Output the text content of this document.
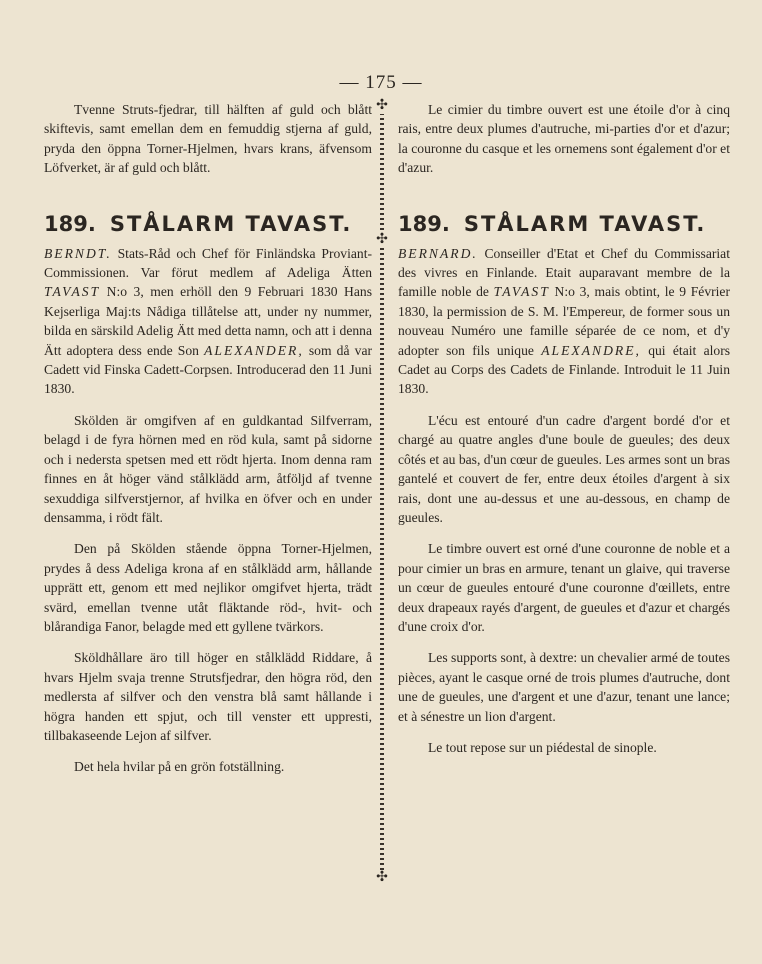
— 175 —
✣
✣
✣

Tvenne Struts-fjedrar, till hälften af guld och blått skiftevis, samt emellan dem en femuddig stjerna af guld, pryda den öppna Torner-Hjelmen, hvars krans, äfvensom Löfverket, är af guld och blått.

189. STÅLARM TAVAST.

BERNDT. Stats-Råd och Chef för Finländska Proviant-Commissionen. Var förut medlem af Adeliga Ätten TAVAST N:o 3, men erhöll den 9 Februari 1830 Hans Kejserliga Maj:ts Nådiga tillåtelse att, under ny nummer, bilda en särskild Adelig Ätt med detta namn, och att i denna Ätt adoptera dess ende Son ALEXANDER, som då var Cadett vid Finska Cadett-Corpsen. Introducerad den 11 Juni 1830.

Skölden är omgifven af en guldkantad Silfverram, belagd i de fyra hörnen med en röd kula, samt på sidorne och i nedersta spetsen med ett rödt hjerta. Inom denna ram finnes en åt höger vänd stålklädd arm, åtföljd af tvenne sexuddiga silfverstjernor, af hvilka en öfver och en under densamma, i rödt fält.

Den på Skölden stående öppna Torner-Hjelmen, prydes å dess Adeliga krona af en stålklädd arm, hållande upprätt ett, genom ett med nejlikor omgifvet hjerta, trädt svärd, emellan tvenne utåt fläktande röd-, hvit- och blårandiga Fanor, belagde med ett gyllene tvärkors.

Sköldhållare äro till höger en stålklädd Riddare, å hvars Hjelm svaja trenne Strutsfjedrar, den högra röd, den medlersta af silfver och den venstra blå samt hållande i högra handen ett spjut, och till venster ett uppresti, tillbakaseende Lejon af silfver.

Det hela hvilar på en grön fotställning.

Le cimier du timbre ouvert est une étoile d'or à cinq rais, entre deux plumes d'autruche, mi-parties d'or et d'azur; la couronne du casque et les ornemens sont également d'or et d'azur.

189. STÅLARM TAVAST.

BERNARD. Conseiller d'Etat et Chef du Commissariat des vivres en Finlande. Etait auparavant membre de la famille noble de TAVAST N:o 3, mais obtint, le 9 Février 1830, la permission de S. M. l'Empereur, de former sous un nouveau Numéro une famille séparée de ce nom, et d'y adopter son fils unique ALEXANDRE, qui était alors Cadet au Corps des Cadets de Finlande. Introduit le 11 Juin 1830.

L'écu est entouré d'un cadre d'argent bordé d'or et chargé au quatre angles d'une boule de gueules; des deux côtés et au bas, d'un cœur de gueules. Les armes sont un bras gantelé et couvert de fer, entre deux étoiles d'argent à six rais, dont une au-dessus et une au-dessous, en champ de gueules.

Le timbre ouvert est orné d'une couronne de noble et a pour cimier un bras en armure, tenant un glaive, qui traverse un cœur de gueules entouré d'une couronne d'œillets, entre deux drapeaux rayés d'argent, de gueules et d'azur et chargés d'une croix d'or.

Les supports sont, à dextre: un chevalier armé de toutes pièces, ayant le casque orné de trois plumes d'autruche, dont une de gueules, une d'argent et une d'azur, tenant une lance; et à sénestre un lion d'argent.

Le tout repose sur un piédestal de sinople.
